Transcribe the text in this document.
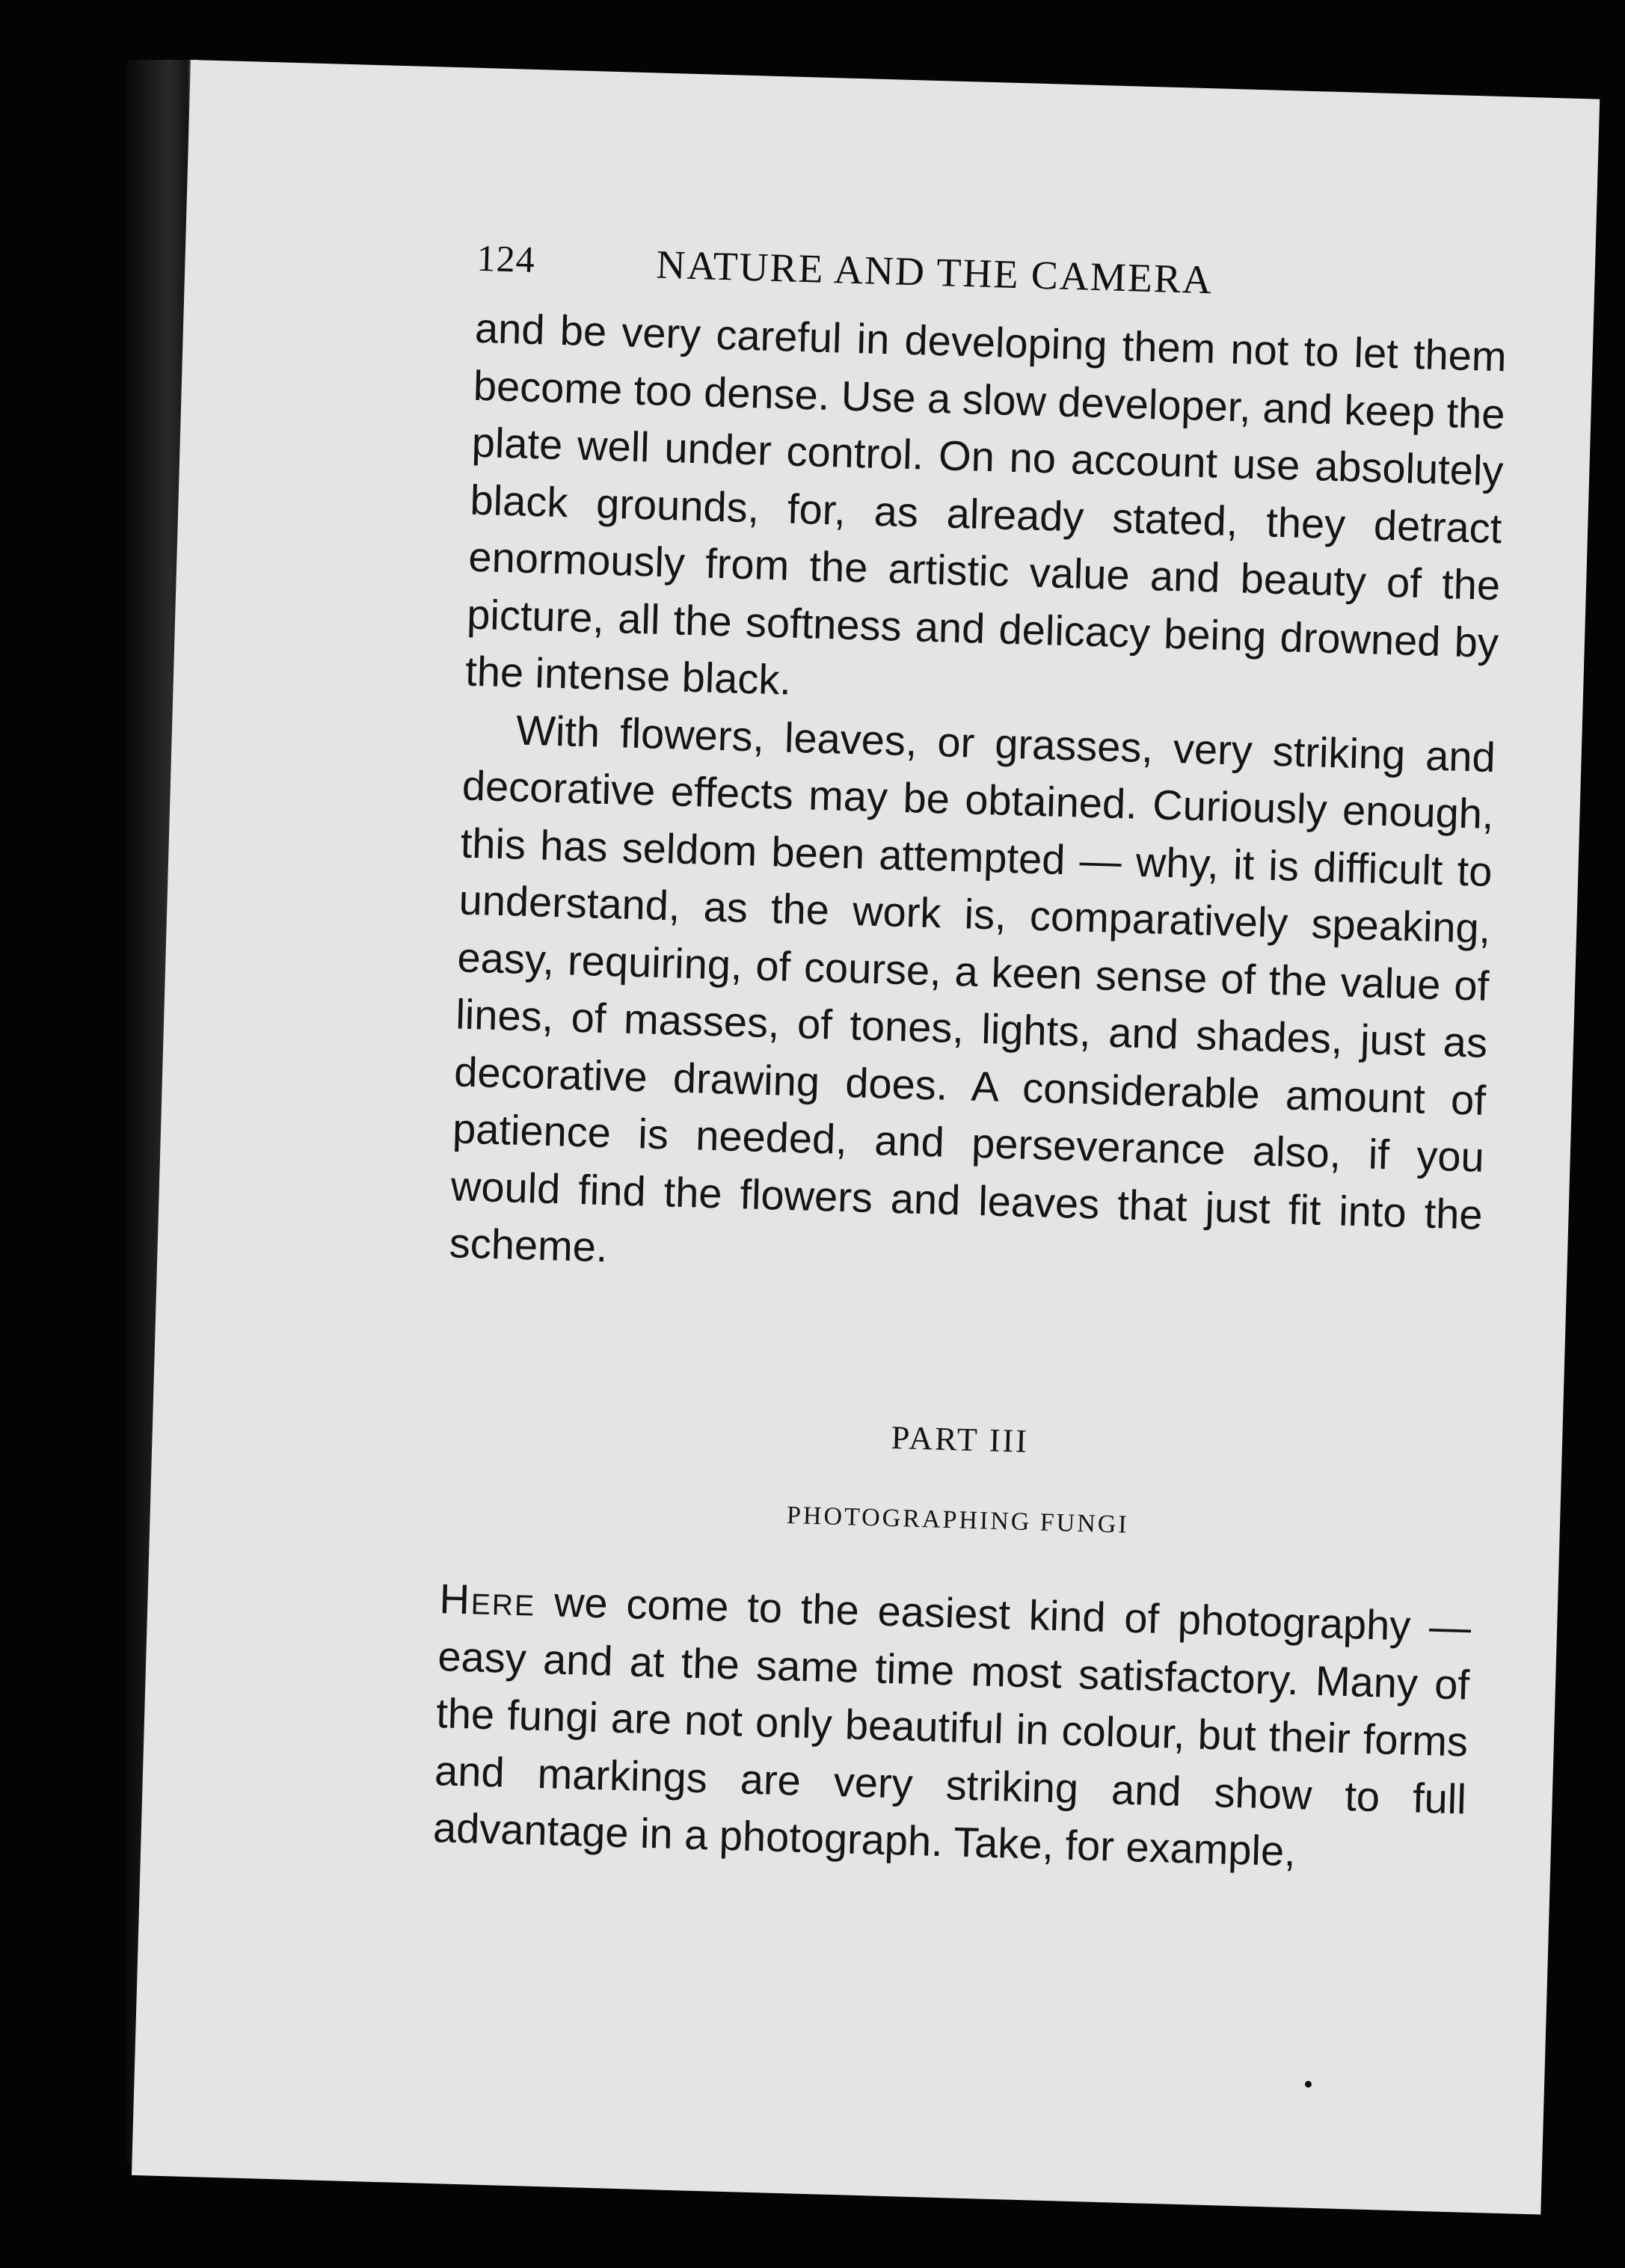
124	NATURE AND THE CAMERA

and be very careful in developing them not to let them become too dense. Use a slow developer, and keep the plate well under control. On no account use absolutely black grounds, for, as already stated, they detract enormously from the artistic value and beauty of the picture, all the softness and delicacy being drowned by the intense black.

With flowers, leaves, or grasses, very striking and decorative effects may be obtained. Curiously enough, this has seldom been attempted — why, it is difficult to understand, as the work is, comparatively speaking, easy, requiring, of course, a keen sense of the value of lines, of masses, of tones, lights, and shades, just as decorative drawing does. A considerable amount of patience is needed, and perseverance also, if you would find the flowers and leaves that just fit into the scheme.

PART III
PHOTOGRAPHING FUNGI

Here we come to the easiest kind of photography — easy and at the same time most satisfactory. Many of the fungi are not only beautiful in colour, but their forms and markings are very striking and show to full advantage in a photograph. Take, for example,
